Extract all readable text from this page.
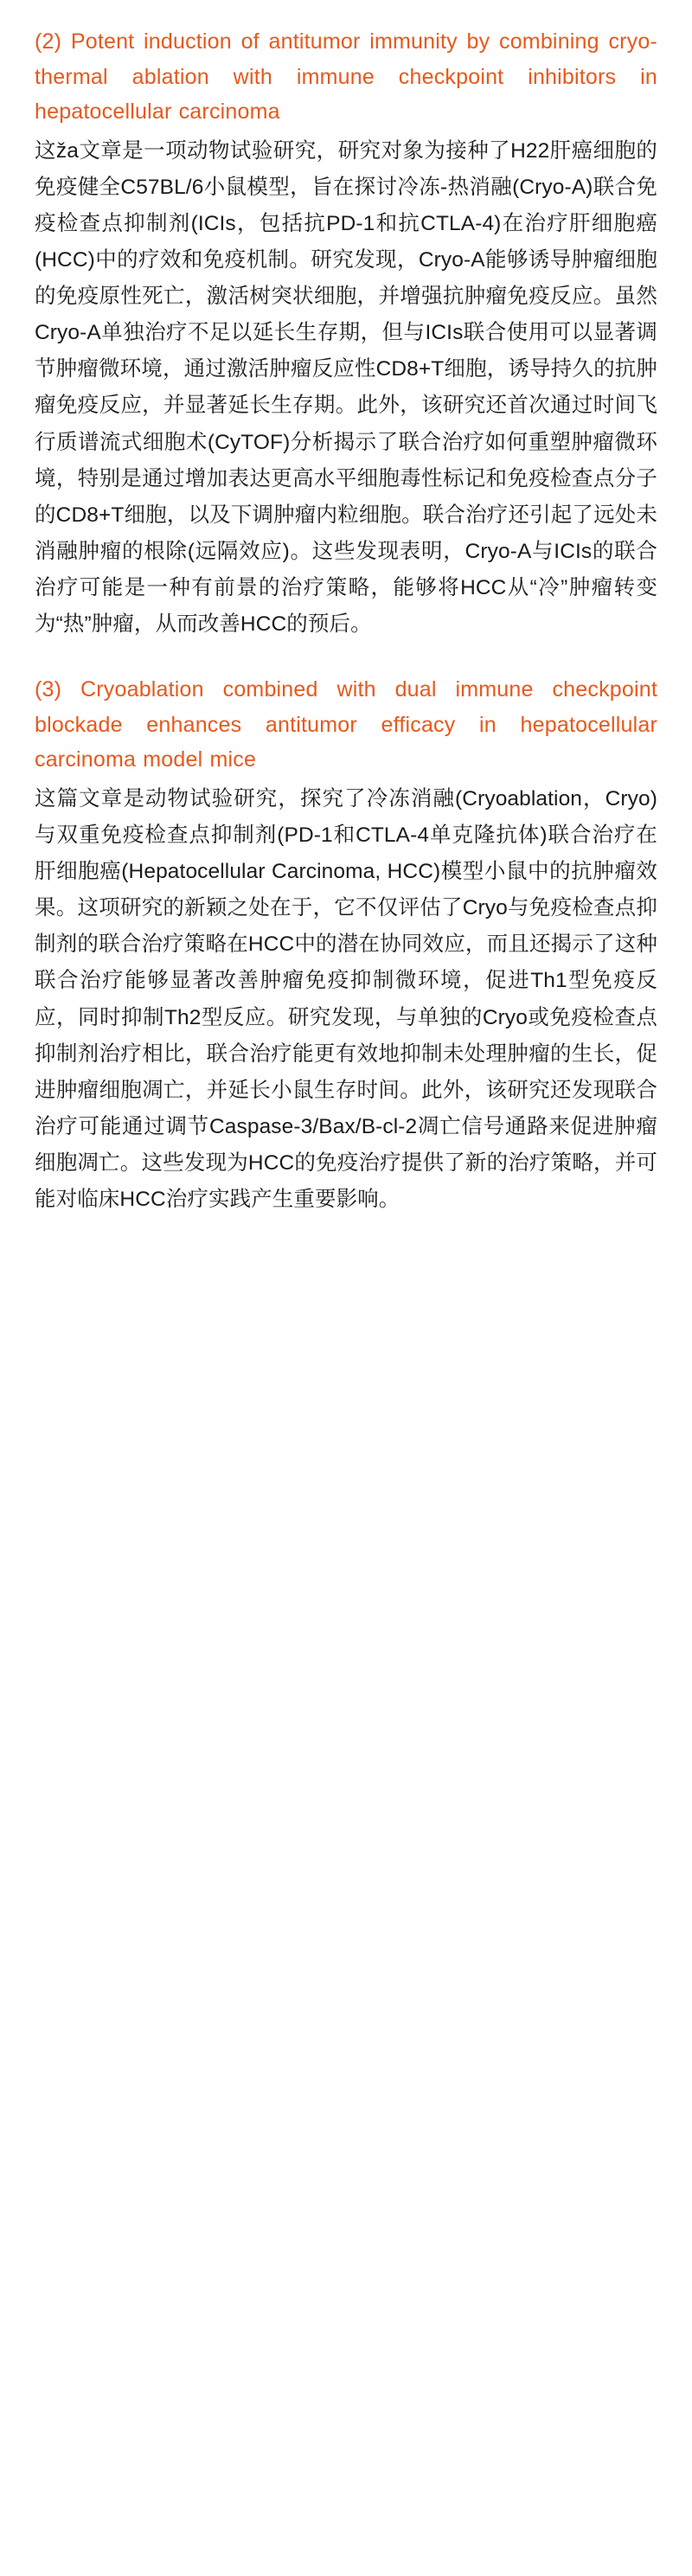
(2) Potent induction of antitumor immunity by combining cryo-thermal ablation with immune checkpoint inhibitors in hepatocellular carcinoma

这ža文章是一项动物试验研究，研究对象为接种了H22肝癌细胞的免疫健全C57BL/6小鼠模型，旨在探讨冷冻-热消融(Cryo-A)联合免疫检查点抑制剂(ICIs，包括抗PD-1和抗CTLA-4)在治疗肝细胞癌(HCC)中的疗效和免疫机制。研究发现，Cryo-A能够诱导肿瘤细胞的免疫原性死亡，激活树突状细胞，并增强抗肿瘤免疫反应。虽然Cryo-A单独治疗不足以延长生存期，但与ICIs联合使用可以显著调节肿瘤微环境，通过激活肿瘤反应性CD8+T细胞，诱导持久的抗肿瘤免疫反应，并显著延长生存期。此外，该研究还首次通过时间飞行质谱流式细胞术(CyTOF)分析揭示了联合治疗如何重塑肿瘤微环境，特别是通过增加表达更高水平细胞毒性标记和免疫检查点分子的CD8+T细胞，以及下调肿瘤内粒细胞。联合治疗还引起了远处未消融肿瘤的根除(远隔效应)。这些发现表明，Cryo-A与ICIs的联合治疗可能是一种有前景的治疗策略，能够将HCC从“冷”肿瘤转变为“热”肿瘤，从而改善HCC的预后。

(3) Cryoablation combined with dual immune checkpoint blockade enhances antitumor efficacy in hepatocellular carcinoma model mice

这篇文章是动物试验研究，探究了冷冻消融(Cryoablation，Cryo)与双重免疫检查点抑制剂(PD-1和CTLA-4单克隆抗体)联合治疗在肝细胞癌(Hepatocellular Carcinoma, HCC)模型小鼠中的抗肿瘤效果。这项研究的新颖之处在于，它不仅评估了Cryo与免疫检查点抑制剂的联合治疗策略在HCC中的潜在协同效应，而且还揭示了这种联合治疗能够显著改善肿瘤免疫抑制微环境，促进Th1型免疫反应，同时抑制Th2型反应。研究发现，与单独的Cryo或免疫检查点抑制剂治疗相比，联合治疗能更有效地抑制未处理肿瘤的生长，促进肿瘤细胞凋亡，并延长小鼠生存时间。此外，该研究还发现联合治疗可能通过调节Caspase-3/Bax/B-cl-2凋亡信号通路来促进肿瘤细胞凋亡。这些发现为HCC的免疫治疗提供了新的治疗策略，并可能对临床HCC治疗实践产生重要影响。
